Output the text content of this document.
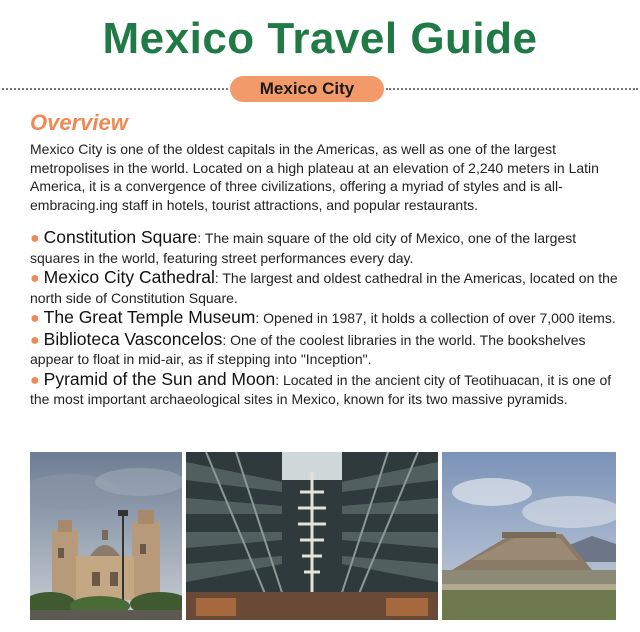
Mexico Travel Guide
Mexico City
Overview
Mexico City is one of the oldest capitals in the Americas, as well as one of the largest metropolises in the world. Located on a high plateau at an elevation of 2,240 meters in Latin America, it is a convergence of three civilizations, offering a myriad of styles and is all-embracing.ing staff in hotels, tourist attractions, and popular restaurants.
● Constitution Square: The main square of the old city of Mexico, one of the largest squares in the world, featuring street performances every day.
● Mexico City Cathedral: The largest and oldest cathedral in the Americas, located on the north side of Constitution Square.
● The Great Temple Museum: Opened in 1987, it holds a collection of over 7,000 items.
● Biblioteca Vasconcelos: One of the coolest libraries in the world. The bookshelves appear to float in mid-air, as if stepping into "Inception".
● Pyramid of the Sun and Moon: Located in the ancient city of Teotihuacan, it is one of the most important archaeological sites in Mexico, known for its two massive pyramids.
